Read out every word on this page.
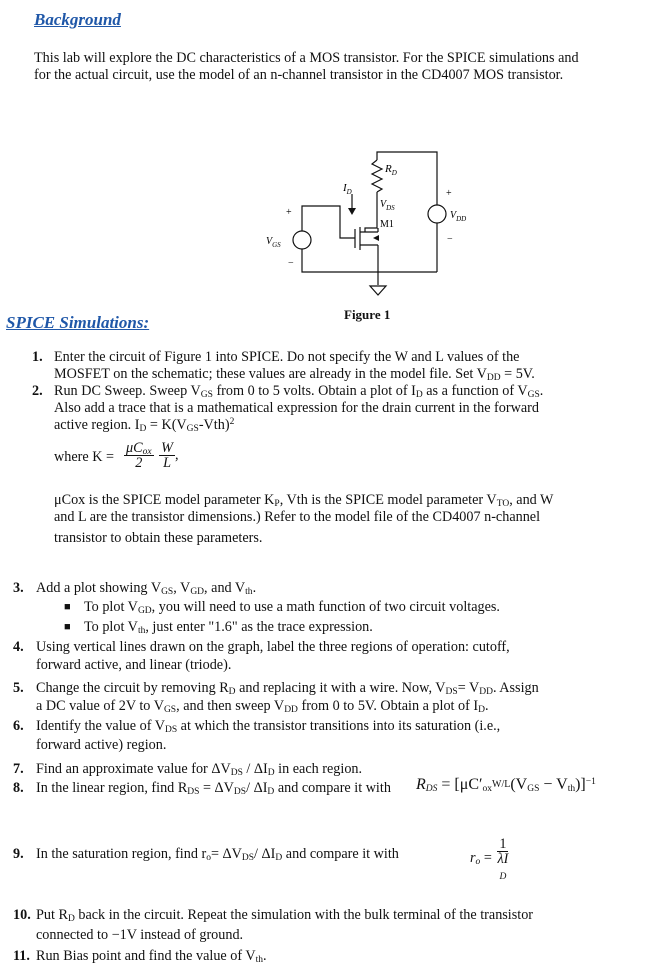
Background
This lab will explore the DC characteristics of a MOS transistor. For the SPICE simulations and
for the actual circuit, use the model of an n-channel transistor in the CD4007 MOS transistor.
$R_D$
$I_D$
$V_{DS}$
M1
$V_{GS}$
$V_{DD}$
+
−
+
−
Figure 1
SPICE Simulations:
1. Enter the circuit of Figure 1 into SPICE. Do not specify the W and L values of the
MOSFET on the schematic; these values are already in the model file. Set $V_{DD} = 5V$.
2. Run DC Sweep. Sweep $V_{GS}$ from 0 to 5 volts. Obtain a plot of $I_D$ as a function of $V_{GS}$.
Also add a trace that is a mathematical expression for the drain current in the forward
active region. $I_D = K(V_{GS}-Vth)^2$
where $K = \frac{\mu C_{ox}}{2}$
$\frac{W}{L}$ ,
μCox is the SPICE model parameter $K_P$, Vth is the SPICE model parameter $V_{TO}$, and W
and L are the transistor dimensions.) Refer to the model file of the CD4007 n-channel
transistor to obtain these parameters.
3. Add a plot showing $V_{GS}$, $V_{GD}$, and $V_{th}$.
■ To plot $V_{GD}$, you will need to use a math function of two circuit voltages.
■ To plot $V_{th}$, just enter "1.6" as the trace expression.
4. Using vertical lines drawn on the graph, label the three regions of operation: cutoff,
forward active, and linear (triode).
5. Change the circuit by removing $R_D$ and replacing it with a wire. Now, $V_{DS}= V_{DD}$. Assign
a DC value of 2V to $V_{GS}$, and then sweep $V_{DD}$ from 0 to 5V. Obtain a plot of $I_D$.
6. Identify the value of $V_{DS}$ at which the transistor transitions into its saturation (i.e.,
forward active) region.
7. Find an approximate value for $\Delta V_{DS} / \Delta I_D$ in each region.
8. In the linear region, find $R_{DS} = \Delta V_{DS}/$ $\Delta I_D$ and compare it with $R_{DS} = [\mu C'_{ox}W/L(V_{GS} - V_{th})]^{-1}$
9. In the saturation region, find $r_o= \Delta V_{DS}/$ $\Delta I_D$ and compare it with	$r_o = 1$
λI
$_D$
10. Put $R_D$ back in the circuit. Repeat the simulation with the bulk terminal of the transistor
connected to −1V instead of ground.
11. Run Bias point and find the value of $V_{th}$.
